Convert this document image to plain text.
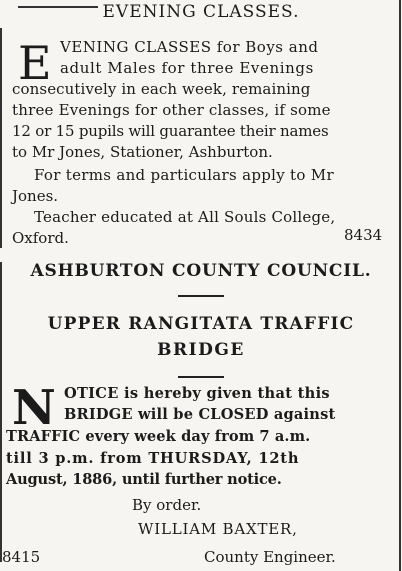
EVENING CLASSES.
E VENING CLASSES for Boys and
adult Males for three Evenings
consecutively in each week, remaining
three Evenings for other classes, if some
12 or 15 pupils will guarantee their names
to Mr Jones, Stationer, Ashburton.
For terms and particulars apply to Mr
Jones.
Teacher educated at All Souls College,
Oxford.	8434
ASHBURTON COUNTY COUNCIL.
UPPER RANGITATA TRAFFIC
BRIDGE
N OTICE is hereby given that this
BRIDGE will be CLOSED against
TRAFFIC every week day from 7 a.m.
till 3 p.m. from THURSDAY, 12th
August, 1886, until further notice.
By order.
WILLIAM BAXTER,
County Engineer.
8415
